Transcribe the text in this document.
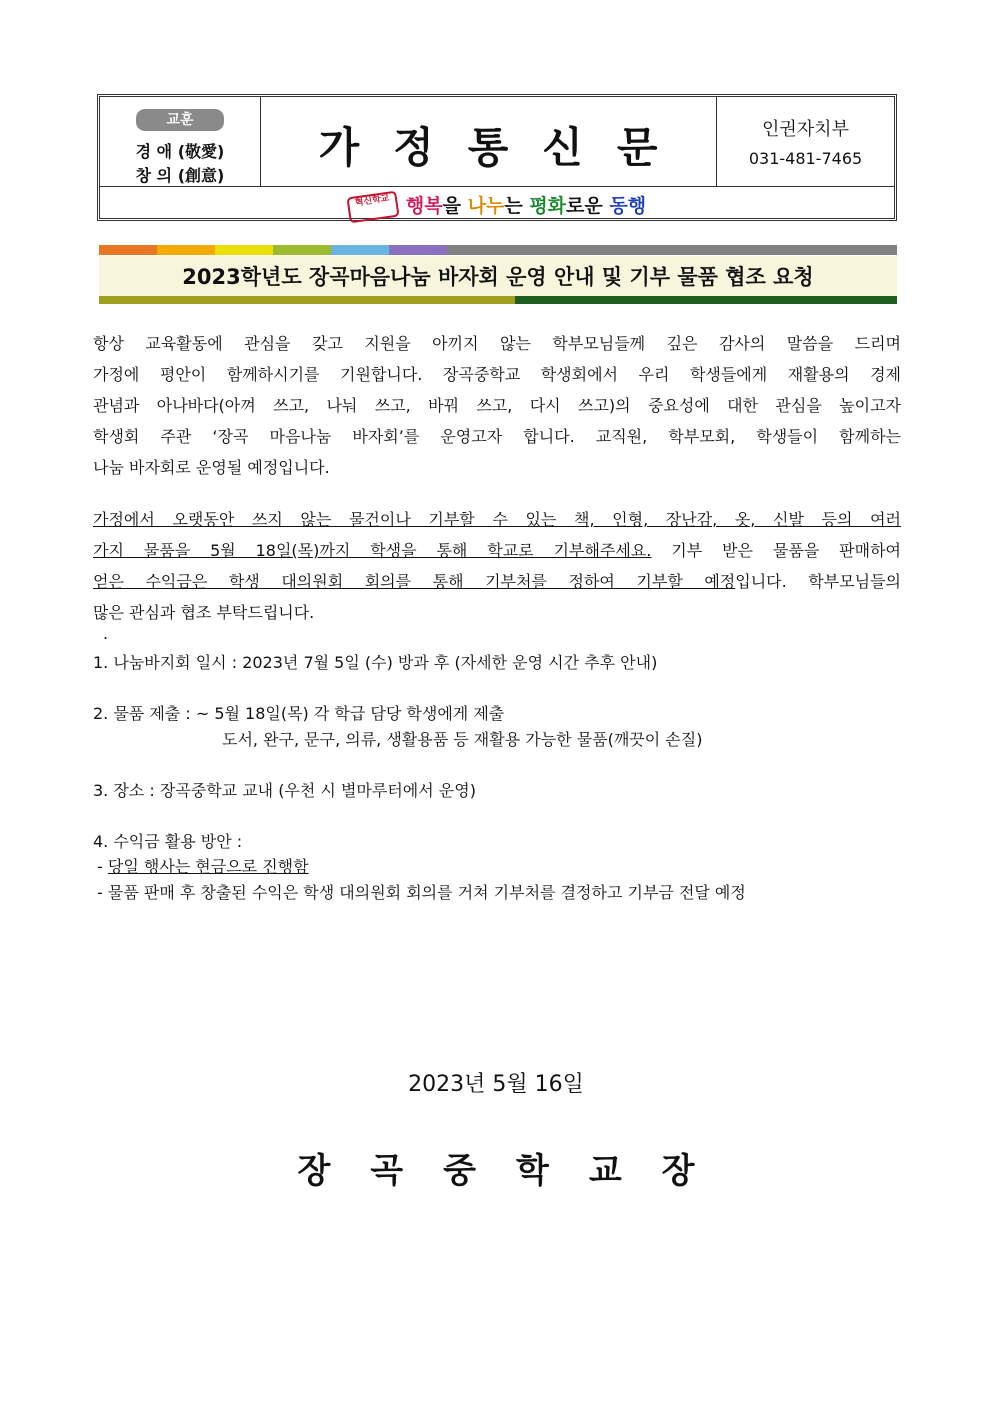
교훈
경 애 (敬愛)
창 의 (創意)
가정통신문	인권자치부
031-481-7465
혁신학교 행복을 나누는 평화로운 동행
2023학년도 장곡마음나눔 바자회 운영 안내 및 기부 물품 협조 요청
항상 교육활동에 관심을 갖고 지원을 아끼지 않는 학부모님들께 깊은 감사의 말씀을 드리며
가정에 평안이 함께하시기를 기원합니다. 장곡중학교 학생회에서 우리 학생들에게 재활용의 경제
관념과 아나바다(아껴 쓰고, 나눠 쓰고, 바꿔 쓰고, 다시 쓰고)의 중요성에 대한 관심을 높이고자
학생회 주관 ‘장곡 마음나눔 바자회’를 운영고자 합니다. 교직원, 학부모회, 학생들이 함께하는
나눔 바자회로 운영될 예정입니다.
가정에서 오랫동안 쓰지 않는 물건이나 기부할 수 있는 책, 인형, 장난감, 옷, 신발 등의 여러
가지 물품을 5월 18일(목)까지 학생을 통해 학교로 기부해주세요. 기부 받은 물품을 판매하여
얻은 수익금은 학생 대의원회 회의를 통해 기부처를 정하여 기부할 예정입니다. 학부모님들의
많은 관심과 협조 부탁드립니다.
.
1. 나눔바지회 일시 : 2023년 7월 5일 (수) 방과 후 (자세한 운영 시간 추후 안내)
2. 물품 제출 : ~ 5월 18일(목) 각 학급 담당 학생에게 제출
도서, 완구, 문구, 의류, 생활용품 등 재활용 가능한 물품(깨끗이 손질)
3. 장소 : 장곡중학교 교내 (우천 시 별마루터에서 운영)
4. 수익금 활용 방안 :
- 당일 행사는 현금으로 진행함
- 물품 판매 후 창출된 수익은 학생 대의원회 회의를 거쳐 기부처를 결정하고 기부금 전달 예정
2023년 5월 16일
장곡중학교장
